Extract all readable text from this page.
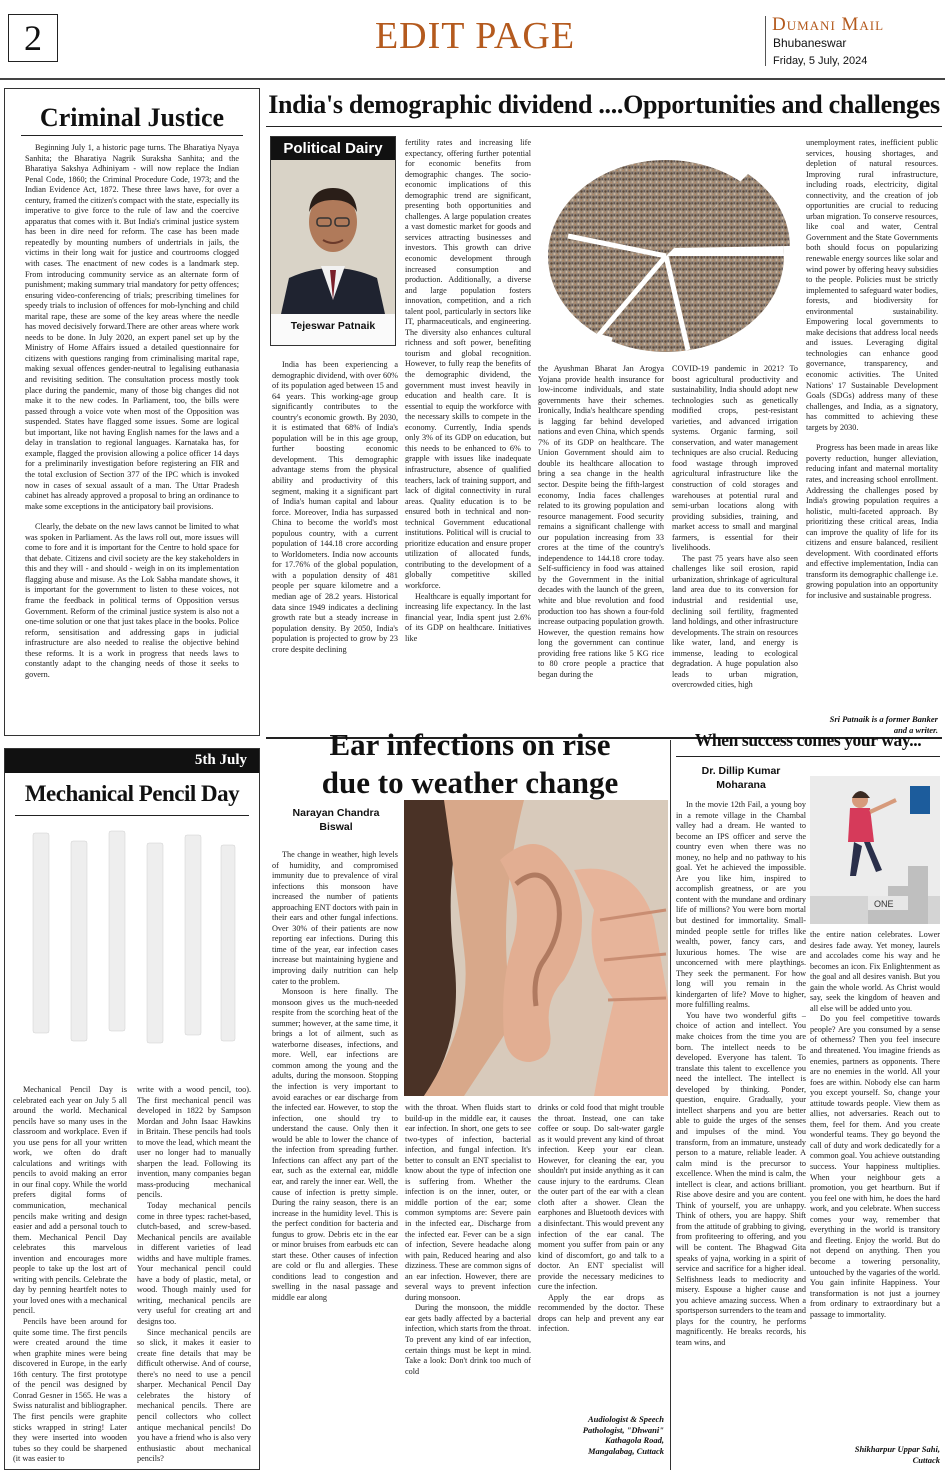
2	EDIT PAGE	Dumani Mail
Bhubaneswar
Friday, 5 July, 2024
Criminal Justice

Beginning July 1, a historic page turns. The Bharatiya Nyaya Sanhita; the Bharatiya Nagrik Suraksha Sanhita; and the Bharatiya Sakshya Adhiniyam - will now replace the Indian Penal Code, 1860; the Criminal Procedure Code, 1973; and the Indian Evidence Act, 1872. These three laws have, for over a century, framed the citizen's compact with the state, especially its imperative to give force to the rule of law and the coercive apparatus that comes with it. But India's criminal justice system has been in dire need for reform. The case has been made repeatedly by mounting numbers of undertrials in jails, the victims in their long wait for justice and courtrooms clogged with cases. The enactment of new codes is a landmark step. From introducing community service as an alternate form of punishment; making summary trial mandatory for petty offences; ensuring video-conferencing of trials; prescribing timelines for speedy trials to inclusion of offences for mob-lynching and child marital rape, these are some of the key areas where the needle has moved decisively forward.There are other areas where work needs to be done. In July 2020, an expert panel set up by the Ministry of Home Affairs issued a detailed questionnaire for citizens with questions ranging from criminalising marital rape, making sexual offences gender-neutral to legalising euthanasia and revisiting sedition. The consultation process mostly took place during the pandemic, many of those big changes did not make it to the new codes. In Parliament, too, the bills were passed through a voice vote when most of the Opposition was suspended. States have flagged some issues. Some are logical but important, like not having English names for the laws and a delay in translation to regional languages. Karnataka has, for example, flagged the provision allowing a police officer 14 days for a preliminarily investigation before registering an FIR and the total exclusion of Section 377 of the IPC which is invoked now in cases of sexual assault of a man. The Uttar Pradesh cabinet has already approved a proposal to bring an ordinance to make some exceptions in the anticipatory bail provisions.

Clearly, the debate on the new laws cannot be limited to what was spoken in Parliament. As the laws roll out, more issues will come to fore and it is important for the Centre to hold space for that debate. Citizens and civil society are the key stakeholders in this and they will - and should - weigh in on its implementation flagging abuse and misuse. As the Lok Sabha mandate shows, it is important for the government to listen to these voices, not frame the feedback in political terms of Opposition versus Government. Reform of the criminal justice system is also not a one-time solution or one that just takes place in the books. Police reform, sensitisation and addressing gaps in judicial infrastructure are also needed to realise the objective behind these reforms. It is a work in progress that needs laws to constantly adapt to the changing needs of those it seeks to govern.

India's demographic dividend ....Opportunities and challenges
Political Dairy
Tejeswar Patnaik

India has been experiencing a demographic dividend, with over 60% of its population aged between 15 and 64 years. This working-age group significantly contributes to the country's economic growth. By 2030, it is estimated that 68% of India's population will be in this age group, further boosting economic development. This demographic advantage stems from the physical ability and productivity of this segment, making it a significant part of India's human capital and labour force. Moreover, India has surpassed China to become the world's most populous country, with a current population of 144.18 crore according to Worldometers. India now accounts for 17.76% of the global population, with a population density of 481 people per square kilometre and a median age of 28.2 years. Historical data since 1949 indicates a declining growth rate but a steady increase in population density. By 2050, India's population is projected to grow by 23 crore despite declining

fertility rates and increasing life expectancy, offering further potential for economic benefits from demographic changes. The socio-economic implications of this demographic trend are significant, presenting both opportunities and challenges. A large population creates a vast domestic market for goods and services attracting businesses and investors. This growth can drive economic development through increased consumption and production. Additionally, a diverse and large population fosters innovation, competition, and a rich talent pool, particularly in sectors like IT, pharmaceuticals, and engineering. The diversity also enhances cultural richness and soft power, benefiting tourism and global recognition. However, to fully reap the benefits of the demographic dividend, the government must invest heavily in education and health care. It is essential to equip the workforce with the necessary skills to compete in the economy. Currently, India spends only 3% of its GDP on education, but this needs to be enhanced to 6% to grapple with issues like inadequate infrastructure, absence of qualified teachers, lack of training support, and lack of digital connectivity in rural areas. Quality education is to be ensured both in technical and non-technical Government educational institutions. Political will is crucial to prioritize education and ensure proper utilization of allocated funds, contributing to the development of a globally competitive skilled workforce.

Healthcare is equally important for increasing life expectancy. In the last financial year, India spent just 2.6% of its GDP on healthcare. Initiatives like

the Ayushman Bharat Jan Arogya Yojana provide health insurance for low-income individuals, and state governments have their schemes. Ironically, India's healthcare spending is lagging far behind developed nations and even China, which spends 7% of its GDP on healthcare. The Union Government should aim to double its healthcare allocation to bring a sea change in the health sector. Despite being the fifth-largest economy, India faces challenges related to its growing population and resource management. Food security remains a significant challenge with our population increasing from 33 crores at the time of the country's independence to 144.18 crore today. Self-sufficiency in food was attained by the Government in the initial decades with the launch of the green, white and blue revolution and food production too has shown a four-fold increase outpacing population growth. However, the question remains how long the government can continue providing free rations like 5 KG rice to 80 crore people a practice that began during the

COVID-19 pandemic in 2021? To boost agricultural productivity and sustainability, India should adopt new technologies such as genetically modified crops, pest-resistant varieties, and advanced irrigation systems. Organic farming, soil conservation, and water management techniques are also crucial. Reducing food wastage through improved agricultural infrastructure like the construction of cold storages and warehouses at potential rural and semi-urban locations along with providing subsidies, training, and market access to small and marginal farmers, is essential for their livelihoods.

The past 75 years have also seen challenges like soil erosion, rapid urbanization, shrinkage of agricultural land area due to its conversion for industrial and residential use, declining soil fertility, fragmented land holdings, and other infrastructure developments. The strain on resources like water, land, and energy is immense, leading to ecological degradation. A huge population also leads to urban migration, overcrowded cities, high

unemployment rates, inefficient public services, housing shortages, and depletion of natural resources. Improving rural infrastructure, including roads, electricity, digital connectivity, and the creation of job opportunities are crucial to reducing urban migration. To conserve resources, like coal and water, Central Government and the State Governments both should focus on popularizing renewable energy sources like solar and wind power by offering heavy subsidies to the people. Policies must be strictly implemented to safeguard water bodies, forests, and biodiversity for environmental sustainability. Empowering local governments to make decisions that address local needs and issues. Leveraging digital technologies can enhance good governance, transparency, and economic activities. The United Nations' 17 Sustainable Development Goals (SDGs) address many of these challenges, and India, as a signatory, has committed to achieving these targets by 2030.

Progress has been made in areas like poverty reduction, hunger alleviation, reducing infant and maternal mortality rates, and increasing school enrollment. Addressing the challenges posed by India's growing population requires a holistic, multi-faceted approach. By prioritizing these critical areas, India can improve the quality of life for its citizens and ensure balanced, resilient development. With coordinated efforts and effective implementation, India can transform its demographic challenge i.e. growing population into an opportunity for inclusive and sustainable progress.

Sri Patnaik is a former Banker
and a writer.
5th July
Mechanical Pencil Day

Mechanical Pencil Day is celebrated each year on July 5 all around the world. Mechanical pencils have so many uses in the classroom and workplace. Even if you use pens for all your written work, we often do draft calculations and writings with pencils to avoid making an error in our final copy. While the world prefers digital forms of communication, mechanical pencils make writing and design easier and add a personal touch to them. Mechanical Pencil Day celebrates this marvelous invention and encourages more people to take up the lost art of writing with pencils. Celebrate the day by penning heartfelt notes to your loved ones with a mechanical pencil.

Pencils have been around for quite some time. The first pencils were created around the time when graphite mines were being discovered in Europe, in the early 16th century. The first prototype of the pencil was designed by Conrad Gesner in 1565. He was a Swiss naturalist and bibliographer. The first pencils were graphite sticks wrapped in string! Later they were inserted into wooden tubes so they could be sharpened (it was easier to

write with a wood pencil, too). The first mechanical pencil was developed in 1822 by Sampson Mordan and John Isaac Hawkins in Britain. These pencils had tools to move the lead, which meant the user no longer had to manually sharpen the lead. Following its invention, many companies began mass-producing mechanical pencils.

Today mechanical pencils come in three types: rachet-based, clutch-based, and screw-based. Mechanical pencils are available in different varieties of lead widths and have multiple frames. Your mechanical pencil could have a body of plastic, metal, or wood. Though mainly used for writing, mechanical pencils are very useful for creating art and designs too.

Since mechanical pencils are so slick, it makes it easier to create fine details that may be difficult otherwise. And of course, there's no need to use a pencil sharper. Mechanical Pencil Day celebrates the history of mechanical pencils. There are pencil collectors who collect antique mechanical pencils! Do you have a friend who is also very enthusiastic about mechanical pencils?

Ear infections on rise
due to weather change
Narayan Chandra
Biswal

The change in weather, high levels of humidity, and compromised immunity due to prevalence of viral infections this monsoon have increased the number of patients approaching ENT doctors with pain in their ears and other fungal infections. Over 30% of their patients are now reporting ear infections. During this time of the year, ear infection cases increase but maintaining hygiene and improving daily nutrition can help cater to the problem.

Monsoon is here finally. The monsoon gives us the much-needed respite from the scorching heat of the summer; however, at the same time, it brings a lot of ailment, such as waterborne diseases, infections, and more. Well, ear infections are common among the young and the adults, during the monsoon. Stopping the infection is very important to avoid earaches or ear discharge from the infected ear. However, to stop the infection, one should try to understand the cause. Only then it would be able to lower the chance of the infection from spreading further. Infections can affect any part of the ear, such as the external ear, middle ear, and rarely the inner ear. Well, the cause of infection is pretty simple. During the rainy season, there is an increase in the humidity level. This is the perfect condition for bacteria and fungus to grow. Debris etc in the ear or minor bruises from earbuds etc can start these. Other causes of infection are cold or flu and allergies. These conditions lead to congestion and swelling in the nasal passage and middle ear along

with the throat. When fluids start to build-up in the middle ear, it causes ear infection. In short, one gets to see two-types of infection, bacterial infection, and fungal infection. It's better to consult an ENT specialist to know about the type of infection one is suffering from. Whether the infection is on the inner, outer, or middle portion of the ear; some common symptoms are: Severe pain in the infected ear,. Discharge from the infected ear. Fever can be a sign of infection, Severe headache along with pain, Reduced hearing and also dizziness. These are common signs of an ear infection. However, there are several ways to prevent infection during monsoon.

During the monsoon, the middle ear gets badly affected by a bacterial infection, which starts from the throat. To prevent any kind of ear infection, certain things must be kept in mind. Take a look: Don't drink too much of cold

drinks or cold food that might trouble the throat. Instead, one can take coffee or soup. Do salt-water gargle as it would prevent any kind of throat infection. Keep your ear clean. However, for cleaning the ear, you shouldn't put inside anything as it can cause injury to the eardrums. Clean the outer part of the ear with a clean cloth after a shower. Clean the earphones and Bluetooth devices with a disinfectant. This would prevent any infection of the ear canal. The moment you suffer from pain or any kind of discomfort, go and talk to a doctor. An ENT specialist will provide the necessary medicines to cure the infection.

Apply the ear drops as recommended by the doctor. These drops can help and prevent any ear infection.

Audiologist & Speech
Pathologist, "Dhwani"
Kathagola Road,
Mangalabag, Cuttack
When success comes your way...
Dr. Dillip Kumar
Moharana

In the movie 12th Fail, a young boy in a remote village in the Chambal valley had a dream. He wanted to become an IPS officer and serve the country even when there was no money, no help and no pathway to his goal. Yet he achieved the impossible. Are you like him, inspired to accomplish greatness, or are you content with the mundane and ordinary life of millions? You were born mortal but destined for immortality. Small-minded people settle for trifles like wealth, power, fancy cars, and luxurious homes. The wise are unconcerned with mere playthings. They seek the permanent. For how long will you remain in the kindergarten of life? Move to higher, more fulfilling realms.

You have two wonderful gifts – choice of action and intellect. You make choices from the time you are born. The intellect needs to be developed. Everyone has talent. To translate this talent to excellence you need the intellect. The intellect is developed by thinking. Ponder, question, enquire. Gradually, your intellect sharpens and you are better able to guide the urges of the senses and impulses of the mind. You transform, from an immature, unsteady person to a mature, reliable leader. A calm mind is the precursor to excellence. When the mind is calm, the intellect is clear, and actions brilliant. Rise above desire and you are content. Think of yourself, you are unhappy. Think of others, you are happy. Shift from the attitude of grabbing to giving, from profiteering to offering, and you will be content. The Bhagwad Gita speaks of yajna, working in a spirit of service and sacrifice for a higher ideal. Selfishness leads to mediocrity and misery. Espouse a higher cause and you achieve amazing success. When a sportsperson surrenders to the team and plays for the country, he performs magnificently. He breaks records, his team wins, and

ONE

the entire nation celebrates. Lower desires fade away. Yet money, laurels and accolades come his way and he becomes an icon. Fix Enlightenment as the goal and all desires vanish. But you gain the whole world. As Christ would say, seek the kingdom of heaven and all else will be added unto you.

Do you feel competitive towards people? Are you consumed by a sense of otherness? Then you feel insecure and threatened. You imagine friends as enemies, partners as opponents. There are no enemies in the world. All your foes are within. Nobody else can harm you except yourself. So, change your attitude towards people. View them as allies, not adversaries. Reach out to them, feel for them. And you create wonderful teams. They go beyond the call of duty and work dedicatedly for a common goal. You achieve outstanding success. Your happiness multiplies. When your neighbour gets a promotion, you get heartburn. But if you feel one with him, he does the hard work, and you celebrate. When success comes your way, remember that everything in the world is transitory and fleeting. Enjoy the world. But do not depend on anything. Then you become a towering personality, untouched by the vagaries of the world. You gain infinite Happiness. Your transformation is not just a journey from ordinary to extraordinary but a passage to immortality.

Shikharpur Uppar Sahi,
Cuttack
